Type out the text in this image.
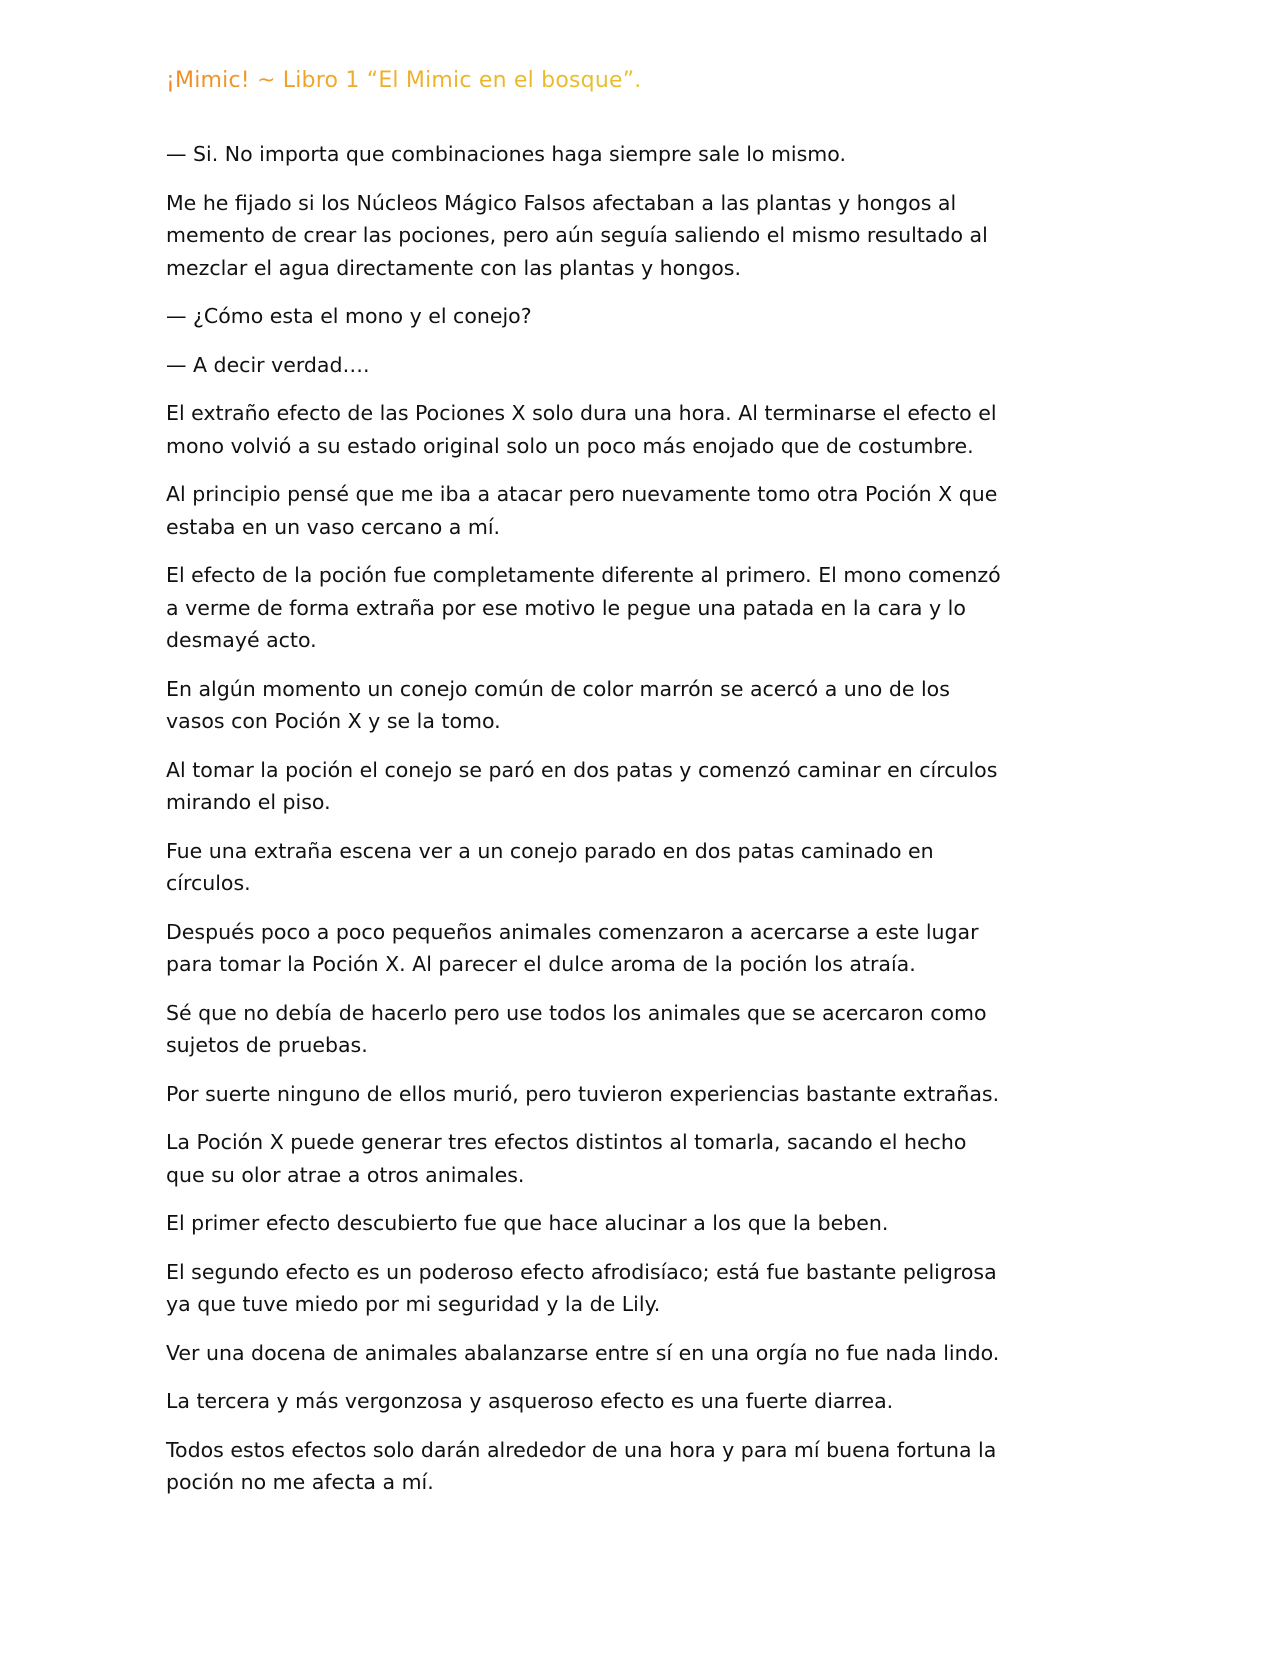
¡Mimic! ~ Libro 1 “El Mimic en el bosque”.

— Si. No importa que combinaciones haga siempre sale lo mismo.

Me he fijado si los Núcleos Mágico Falsos afectaban a las plantas y hongos al memento de crear las pociones, pero aún seguía saliendo el mismo resultado al mezclar el agua directamente con las plantas y hongos.

— ¿Cómo esta el mono y el conejo?

— A decir verdad….

El extraño efecto de las Pociones X solo dura una hora. Al terminarse el efecto el mono volvió a su estado original solo un poco más enojado que de costumbre.

Al principio pensé que me iba a atacar pero nuevamente tomo otra Poción X que estaba en un vaso cercano a mí.

El efecto de la poción fue completamente diferente al primero. El mono comenzó a verme de forma extraña por ese motivo le pegue una patada en la cara y lo desmayé acto.

En algún momento un conejo común de color marrón se acercó a uno de los vasos con Poción X y se la tomo.

Al tomar la poción el conejo se paró en dos patas y comenzó caminar en círculos mirando el piso.

Fue una extraña escena ver a un conejo parado en dos patas caminado en círculos.

Después poco a poco pequeños animales comenzaron a acercarse a este lugar para tomar la Poción X. Al parecer el dulce aroma de la poción los atraía.

Sé que no debía de hacerlo pero use todos los animales que se acercaron como sujetos de pruebas.

Por suerte ninguno de ellos murió, pero tuvieron experiencias bastante extrañas.

La Poción X puede generar tres efectos distintos al tomarla, sacando el hecho que su olor atrae a otros animales.

El primer efecto descubierto fue que hace alucinar a los que la beben.

El segundo efecto es un poderoso efecto afrodisíaco; está fue bastante peligrosa ya que tuve miedo por mi seguridad y la de Lily.

Ver una docena de animales abalanzarse entre sí en una orgía no fue nada lindo.

La tercera y más vergonzosa y asqueroso efecto es una fuerte diarrea.

Todos estos efectos solo darán alrededor de una hora y para mí buena fortuna la poción no me afecta a mí.
